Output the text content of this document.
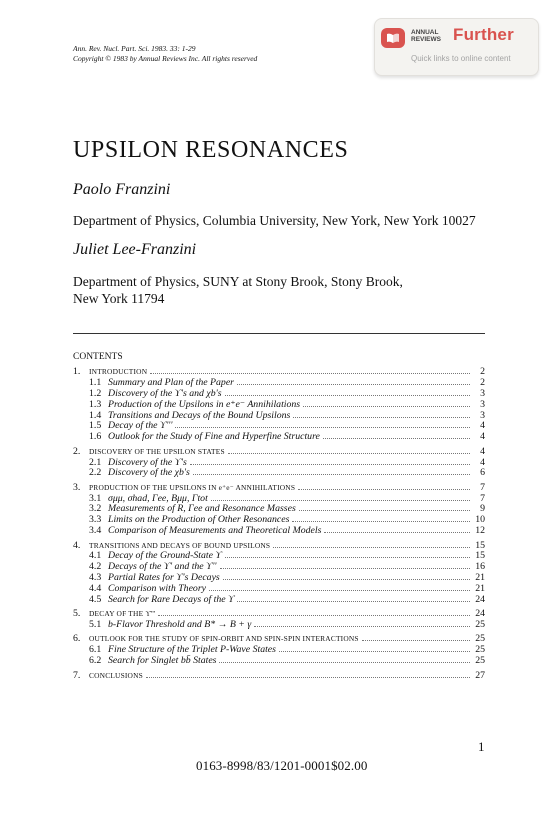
Ann. Rev. Nucl. Part. Sci. 1983. 33: 1-29
Copyright © 1983 by Annual Reviews Inc. All rights reserved
ANNUAL
REVIEWS Further
Quick links to online content
UPSILON RESONANCES
Paolo Franzini
Department of Physics, Columbia University, New York, New York 10027
Juliet Lee-Franzini
Department of Physics, SUNY at Stony Brook, Stony Brook,
New York 11794
CONTENTS
1.	INTRODUCTION	2
1.1 Summary and Plan of the Paper	2
1.2 Discovery of the ϒ's and χb's	3
1.3 Production of the Upsilons in e⁺e⁻ Annihilations	3
1.4 Transitions and Decays of the Bound Upsilons	3
1.5 Decay of the ϒ'''	4
1.6 Outlook for the Study of Fine and Hyperfine Structure	4
2.	DISCOVERY OF THE UPSILON STATES	4
2.1 Discovery of the ϒ's	4
2.2 Discovery of the χb's	6
3.	PRODUCTION OF THE UPSILONS IN e⁺e⁻ ANNIHILATIONS	7
3.1 σμμ, σhad, Γee, Bμμ, Γtot	7
3.2 Measurements of R, Γee and Resonance Masses	9
3.3 Limits on the Production of Other Resonances	10
3.4 Comparison of Measurements and Theoretical Models	12
4.	TRANSITIONS AND DECAYS OF BOUND UPSILONS	15
4.1 Decay of the Ground-State ϒ	15
4.2 Decays of the ϒ' and the ϒ''	16
4.3 Partial Rates for ϒ's Decays	21
4.4 Comparison with Theory	21
4.5 Search for Rare Decays of the ϒ	24
5.	DECAY OF THE ϒ'''	24
5.1 b-Flavor Threshold and B* → B + γ	25
6.	OUTLOOK FOR THE STUDY OF SPIN-ORBIT AND SPIN-SPIN INTERACTIONS	25
6.1 Fine Structure of the Triplet P-Wave States	25
6.2 Search for Singlet bb̄ States	25
7.	CONCLUSIONS	27
1
0163-8998/83/1201-0001$02.00
